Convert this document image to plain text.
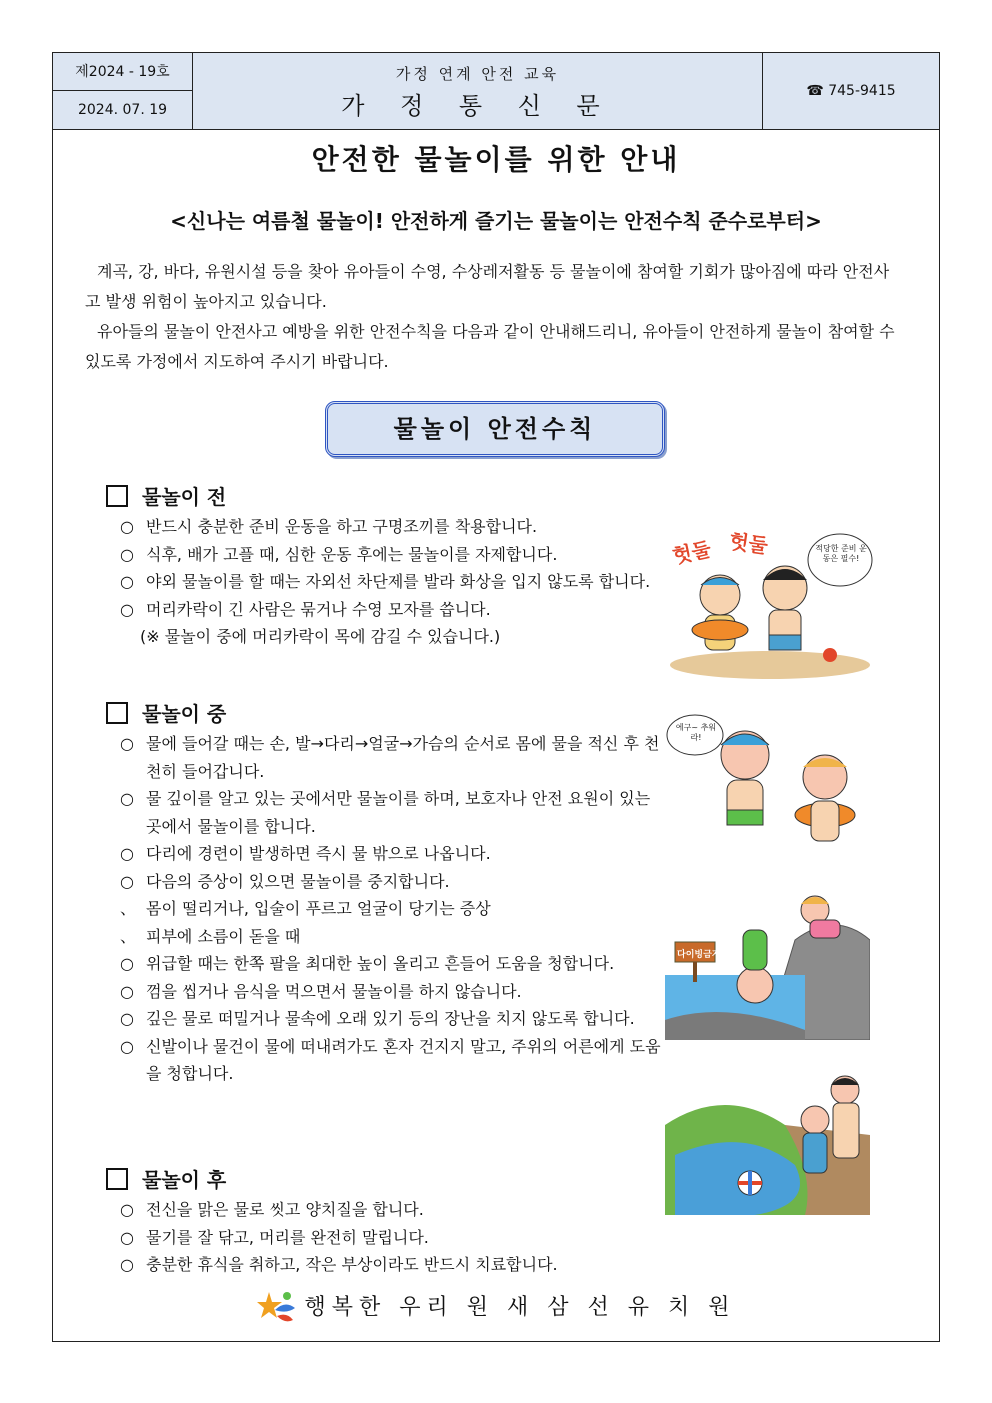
제2024 - 19호
2024. 07. 19
가정 연계 안전 교육
가 정 통 신 문
☎ 745-9415
안전한 물놀이를 위한 안내
<신나는 여름철 물놀이! 안전하게 즐기는 물놀이는 안전수칙 준수로부터>

계곡, 강, 바다, 유원시설 등을 찾아 유아들이 수영, 수상레저활동 등 물놀이에 참여할 기회가 많아짐에 따라 안전사고 발생 위험이 높아지고 있습니다.

유아들의 물놀이 안전사고 예방을 위한 안전수칙을 다음과 같이 안내해드리니, 유아들이 안전하게 물놀이 참여할 수 있도록 가정에서 지도하여 주시기 바랍니다.

물놀이 안전수칙
물놀이 전
○ 반드시 충분한 준비 운동을 하고 구명조끼를 착용합니다.
○ 식후, 배가 고플 때, 심한 운동 후에는 물놀이를 자제합니다.
○ 야외 물놀이를 할 때는 자외선 차단제를 발라 화상을 입지 않도록 합니다.
○ 머리카락이 긴 사람은 묶거나 수영 모자를 씁니다.
(※ 물놀이 중에 머리카락이 목에 감길 수 있습니다.)
물놀이 중
○ 물에 들어갈 때는 손, 발→다리→얼굴→가슴의 순서로 몸에 물을 적신 후 천천히 들어갑니다.
○ 물 깊이를 알고 있는 곳에서만 물놀이를 하며, 보호자나 안전 요원이 있는 곳에서 물놀이를 합니다.
○ 다리에 경련이 발생하면 즉시 물 밖으로 나옵니다.
○ 다음의 증상이 있으면 물놀이를 중지합니다.
、 몸이 떨리거나, 입술이 푸르고 얼굴이 당기는 증상
、 피부에 소름이 돋을 때
○ 위급할 때는 한쪽 팔을 최대한 높이 올리고 흔들어 도움을 청합니다.
○ 껌을 씹거나 음식을 먹으면서 물놀이를 하지 않습니다.
○ 깊은 물로 떠밀거나 물속에 오래 있기 등의 장난을 치지 않도록 합니다.
○ 신발이나 물건이 물에 떠내려가도 혼자 건지지 말고, 주위의 어른에게 도움을 청합니다.
물놀이 후
○ 전신을 맑은 물로 씻고 양치질을 합니다.
○ 물기를 잘 닦고, 머리를 완전히 말립니다.
○ 충분한 휴식을 취하고, 작은 부상이라도 반드시 치료합니다.
헛둘 헛둘	적당한 준비 운동은 필수!
에구~ 추워라!
다이빙금지
행복한 우리 원 새 삼 선 유 치 원
